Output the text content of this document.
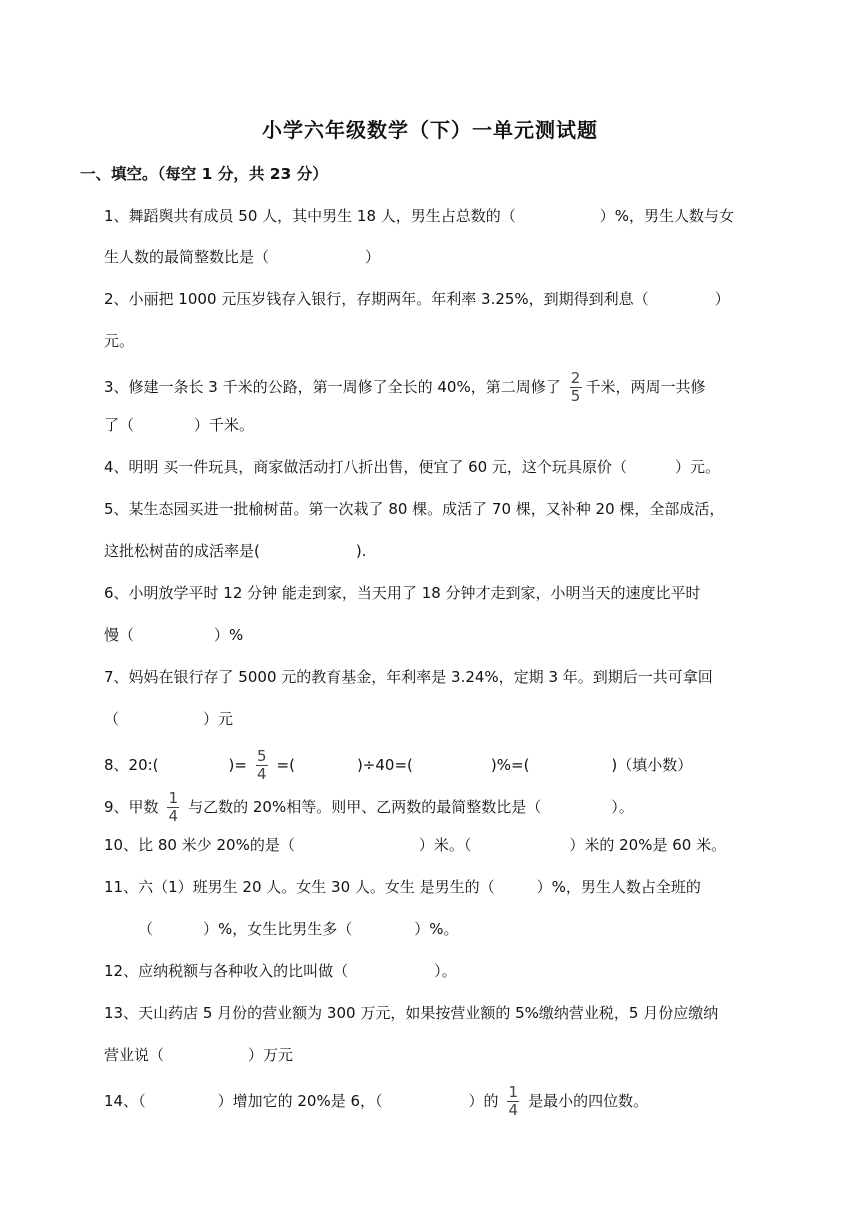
小学六年级数学（下）一单元测试题
一、填空。（每空 1 分，共 23 分）
1、舞蹈舆共有成员 50 人，其中男生 18 人，男生占总数的（	）%，男生人数与女
生人数的最简整数比是（	）
2、小丽把 1000 元压岁钱存入银行，存期两年。年利率 3.25%，到期得到利息（	）
元。
3、修建一条长 3 千米的公路，第一周修了全长的 40%，第二周修了 $\frac{2}{5}$ 千米，两周一共修
了（	）千米。
4、明明 买一件玩具，商家做活动打八折出售，便宜了 60 元，这个玩具原价（	）元。
5、某生态园买进一批榆树苗。第一次栽了 80 棵。成活了 70 棵，又补种 20 棵，全部成活，
这批松树苗的成活率是(	).
6、小明放学平时 12 分钟 能走到家，当天用了 18 分钟才走到家，小明当天的速度比平时
慢（	）%
7、妈妈在银行存了 5000 元的教育基金，年利率是 3.24%，定期 3 年。到期后一共可拿回
（	）元
8、20:(	)= $\frac{5}{4}$ =(	)÷40=(	)%=(	)（填小数）
9、甲数 $\frac{1}{4}$ 与乙数的 20%相等。则甲、乙两数的最简整数比是（	）。
10、比 80 米少 20%的是（	）米。（	）米的 20%是 60 米。
11、六（1）班男生 20 人。女生 30 人。女生 是男生的（	）%，男生人数占全班的
（	）%，女生比男生多（	）%。
12、应纳税额与各种收入的比叫做（	）。
13、天山药店 5 月份的营业额为 300 万元，如果按营业额的 5%缴纳营业税，5 月份应缴纳
营业说（	）万元
14、（	）增加它的 20%是 6，（	）的 $\frac{1}{4}$ 是最小的四位数。
